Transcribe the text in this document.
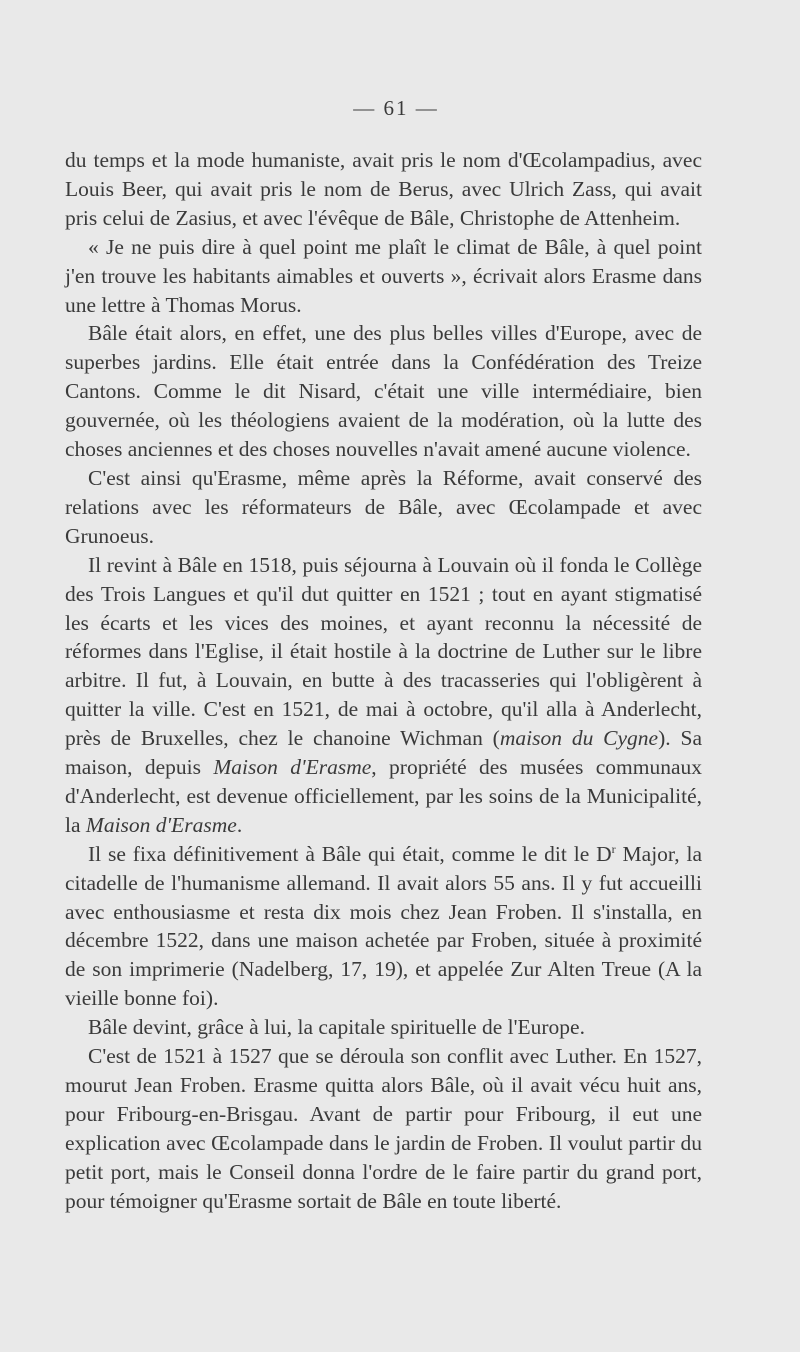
— 61 —

du temps et la mode humaniste, avait pris le nom d'Œcolampadius, avec Louis Beer, qui avait pris le nom de Berus, avec Ulrich Zass, qui avait pris celui de Zasius, et avec l'évêque de Bâle, Christophe de Attenheim.

« Je ne puis dire à quel point me plaît le climat de Bâle, à quel point j'en trouve les habitants aimables et ouverts », écrivait alors Erasme dans une lettre à Thomas Morus.

Bâle était alors, en effet, une des plus belles villes d'Europe, avec de superbes jardins. Elle était entrée dans la Confédération des Treize Cantons. Comme le dit Nisard, c'était une ville intermédiaire, bien gouvernée, où les théologiens avaient de la modération, où la lutte des choses anciennes et des choses nouvelles n'avait amené aucune violence.

C'est ainsi qu'Erasme, même après la Réforme, avait conservé des relations avec les réformateurs de Bâle, avec Œcolampade et avec Grunoeus.

Il revint à Bâle en 1518, puis séjourna à Louvain où il fonda le Collège des Trois Langues et qu'il dut quitter en 1521 ; tout en ayant stigmatisé les écarts et les vices des moines, et ayant reconnu la nécessité de réformes dans l'Eglise, il était hostile à la doctrine de Luther sur le libre arbitre. Il fut, à Louvain, en butte à des tracasseries qui l'obligèrent à quitter la ville. C'est en 1521, de mai à octobre, qu'il alla à Anderlecht, près de Bruxelles, chez le chanoine Wichman (maison du Cygne). Sa maison, depuis Maison d'Erasme, propriété des musées communaux d'Anderlecht, est devenue officiellement, par les soins de la Municipalité, la Maison d'Erasme.

Il se fixa définitivement à Bâle qui était, comme le dit le $D^r$ Major, la citadelle de l'humanisme allemand. Il avait alors 55 ans. Il y fut accueilli avec enthousiasme et resta dix mois chez Jean Froben. Il s'installa, en décembre 1522, dans une maison achetée par Froben, située à proximité de son imprimerie (Nadelberg, 17, 19), et appelée Zur Alten Treue (A la vieille bonne foi).

Bâle devint, grâce à lui, la capitale spirituelle de l'Europe.

C'est de 1521 à 1527 que se déroula son conflit avec Luther. En 1527, mourut Jean Froben. Erasme quitta alors Bâle, où il avait vécu huit ans, pour Fribourg-en-Brisgau. Avant de partir pour Fribourg, il eut une explication avec Œcolampade dans le jardin de Froben. Il voulut partir du petit port, mais le Conseil donna l'ordre de le faire partir du grand port, pour témoigner qu'Erasme sortait de Bâle en toute liberté.
